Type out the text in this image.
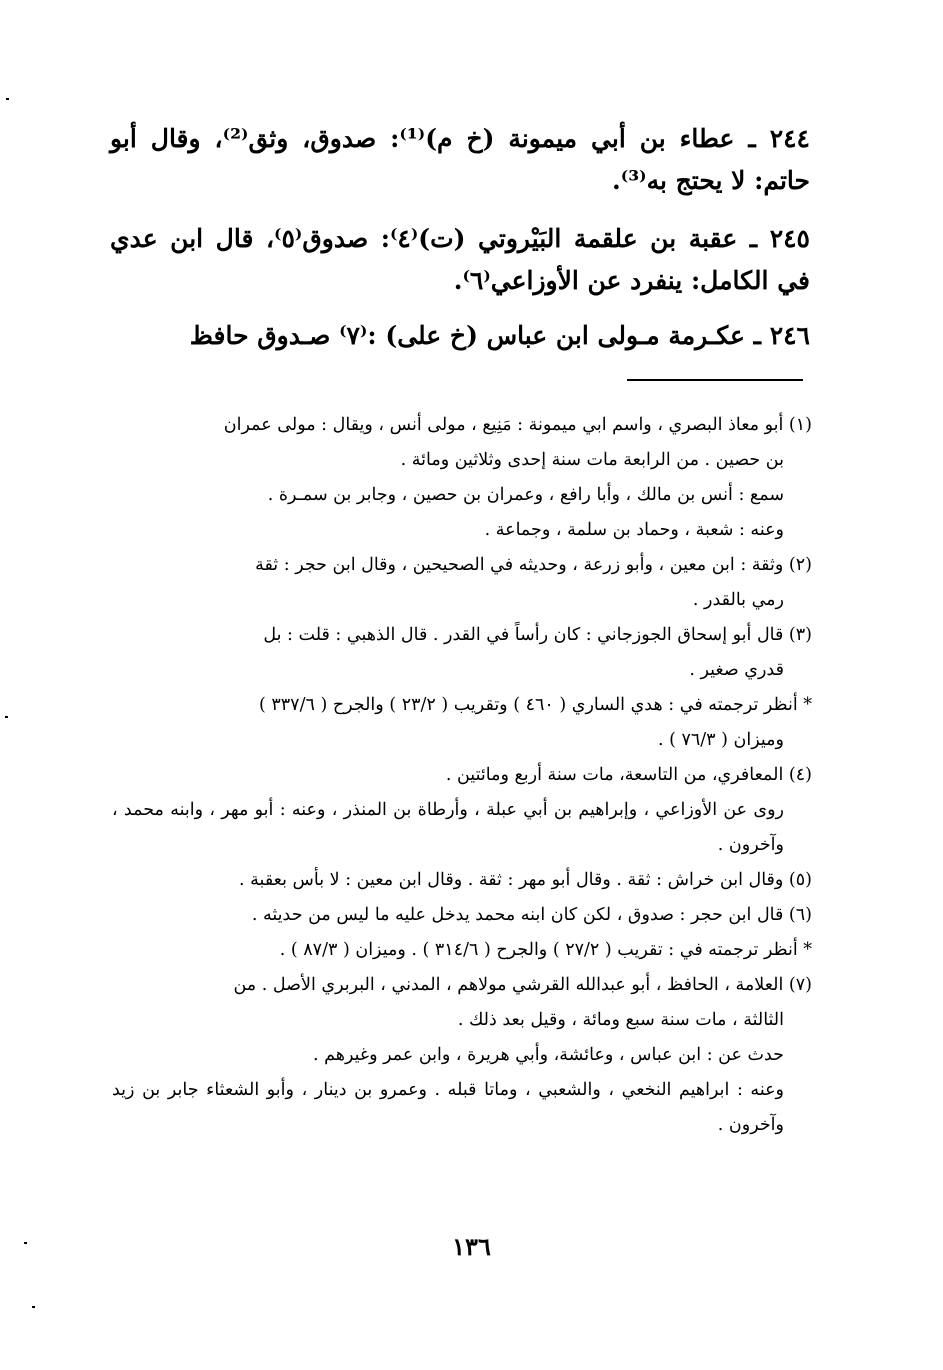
٢٤٤ ـ عطاء بن أبي ميمونة (خ م)⁽¹⁾: صدوق، وثق⁽²⁾، وقال أبو حاتم: لا يحتج به⁽³⁾.

٢٤٥ ـ عقبة بن علقمة البَيْروتي (ت)⁽٤⁾: صدوق⁽٥⁾، قال ابن عدي في الكامل: ينفرد عن الأوزاعي⁽٦⁾.

٢٤٦ ـ عكـرمة مـولى ابن عباس (خ على) :⁽٧⁾ صـدوق حافظ

(١) أبو معاذ البصري ، واسم ابي ميمونة : مَنِيع ، مولى أنس ، ويقال : مولى عمران
بن حصين . من الرابعة مات سنة إحدى وثلاثين ومائة .

سمع : أنس بن مالك ، وأبا رافع ، وعمران بن حصين ، وجابر بن سمـرة .

وعنه : شعبة ، وحماد بن سلمة ، وجماعة .

(٢) وثقة : ابن معين ، وأبو زرعة ، وحديثه في الصحيحين ، وقال ابن حجر : ثقة
رمي بالقدر .

(٣) قال أبو إسحاق الجوزجاني : كان رأساً في القدر . قال الذهبي : قلت : بل
قدري صغير .

* أنظر ترجمته في : هدي الساري ( ٤٦٠ ) وتقريب ( ٢٣/٢ ) والجرح ( ٣٣٧/٦ )
وميزان ( ٧٦/٣ ) .

(٤) المعافري، من التاسعة، مات سنة أربع ومائتين .

روى عن الأوزاعي ، وإبراهيم بن أبي عبلة ، وأرطاة بن المنذر ، وعنه : أبو مهر ، وابنه محمد ، وآخرون .

(٥) وقال ابن خراش : ثقة . وقال أبو مهر : ثقة . وقال ابن معين : لا بأس بعقبة .

(٦) قال ابن حجر : صدوق ، لكن كان ابنه محمد يدخل عليه ما ليس من حديثه .

* أنظر ترجمته في : تقريب ( ٢٧/٢ ) والجرح ( ٣١٤/٦ ) . وميزان ( ٨٧/٣ ) .

(٧) العلامة ، الحافظ ، أبو عبدالله القرشي مولاهم ، المدني ، البربري الأصل . من
الثالثة ، مات سنة سبع ومائة ، وقيل بعد ذلك .

حدث عن : ابن عباس ، وعائشة، وأبي هريرة ، وابن عمر وغيرهم .

وعنه : ابراهيم النخعي ، والشعبي ، وماتا قبله . وعمرو بن دينار ، وأبو الشعثاء جابر بن زيد وآخرون .

١٣٦
